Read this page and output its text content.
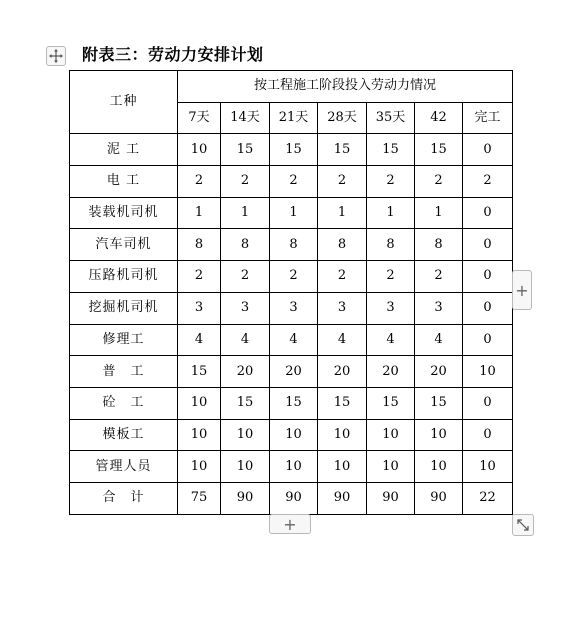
附表三：劳动力安排计划
工种	按工程施工阶段投入劳动力情况						
	7天	14天	21天	28天	35天	42	完工
泥 工	10	15	15	15	15	15	0
电 工	2	2	2	2	2	2	2
装载机司机	1	1	1	1	1	1	0
汽车司机	8	8	8	8	8	8	0
压路机司机	2	2	2	2	2	2	0
挖掘机司机	3	3	3	3	3	3	0
修理工	4	4	4	4	4	4	0
普　工	15	20	20	20	20	20	10
砼　工	10	15	15	15	15	15	0
模板工	10	10	10	10	10	10	0
管理人员	10	10	10	10	10	10	10
合　计	75	90	90	90	90	90	22
+
+
